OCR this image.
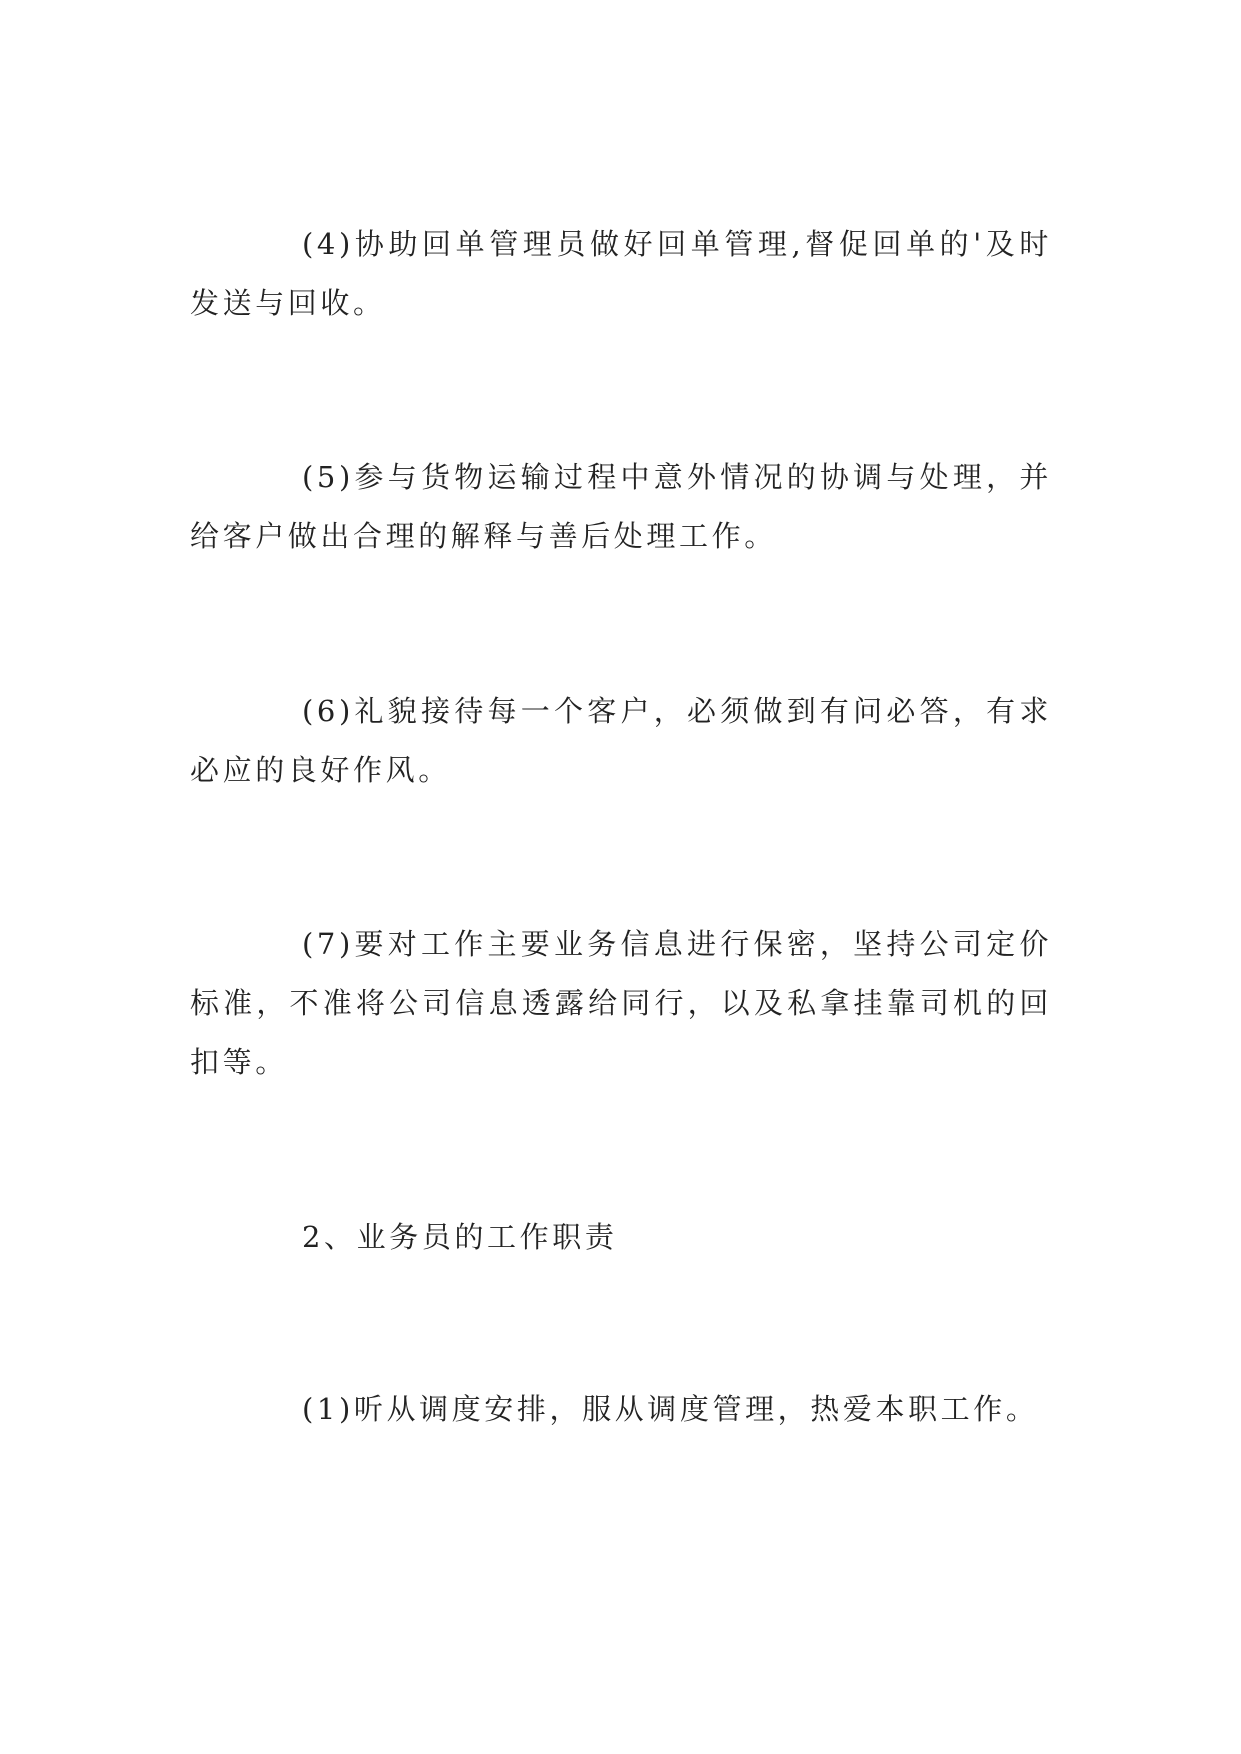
(4)协助回单管理员做好回单管理,督促回单的'及时发送与回收。

(5)参与货物运输过程中意外情况的协调与处理，并给客户做出合理的解释与善后处理工作。

(6)礼貌接待每一个客户，必须做到有问必答，有求必应的良好作风。

(7)要对工作主要业务信息进行保密，坚持公司定价标准，不准将公司信息透露给同行，以及私拿挂靠司机的回扣等。

2、业务员的工作职责

(1)听从调度安排，服从调度管理，热爱本职工作。
